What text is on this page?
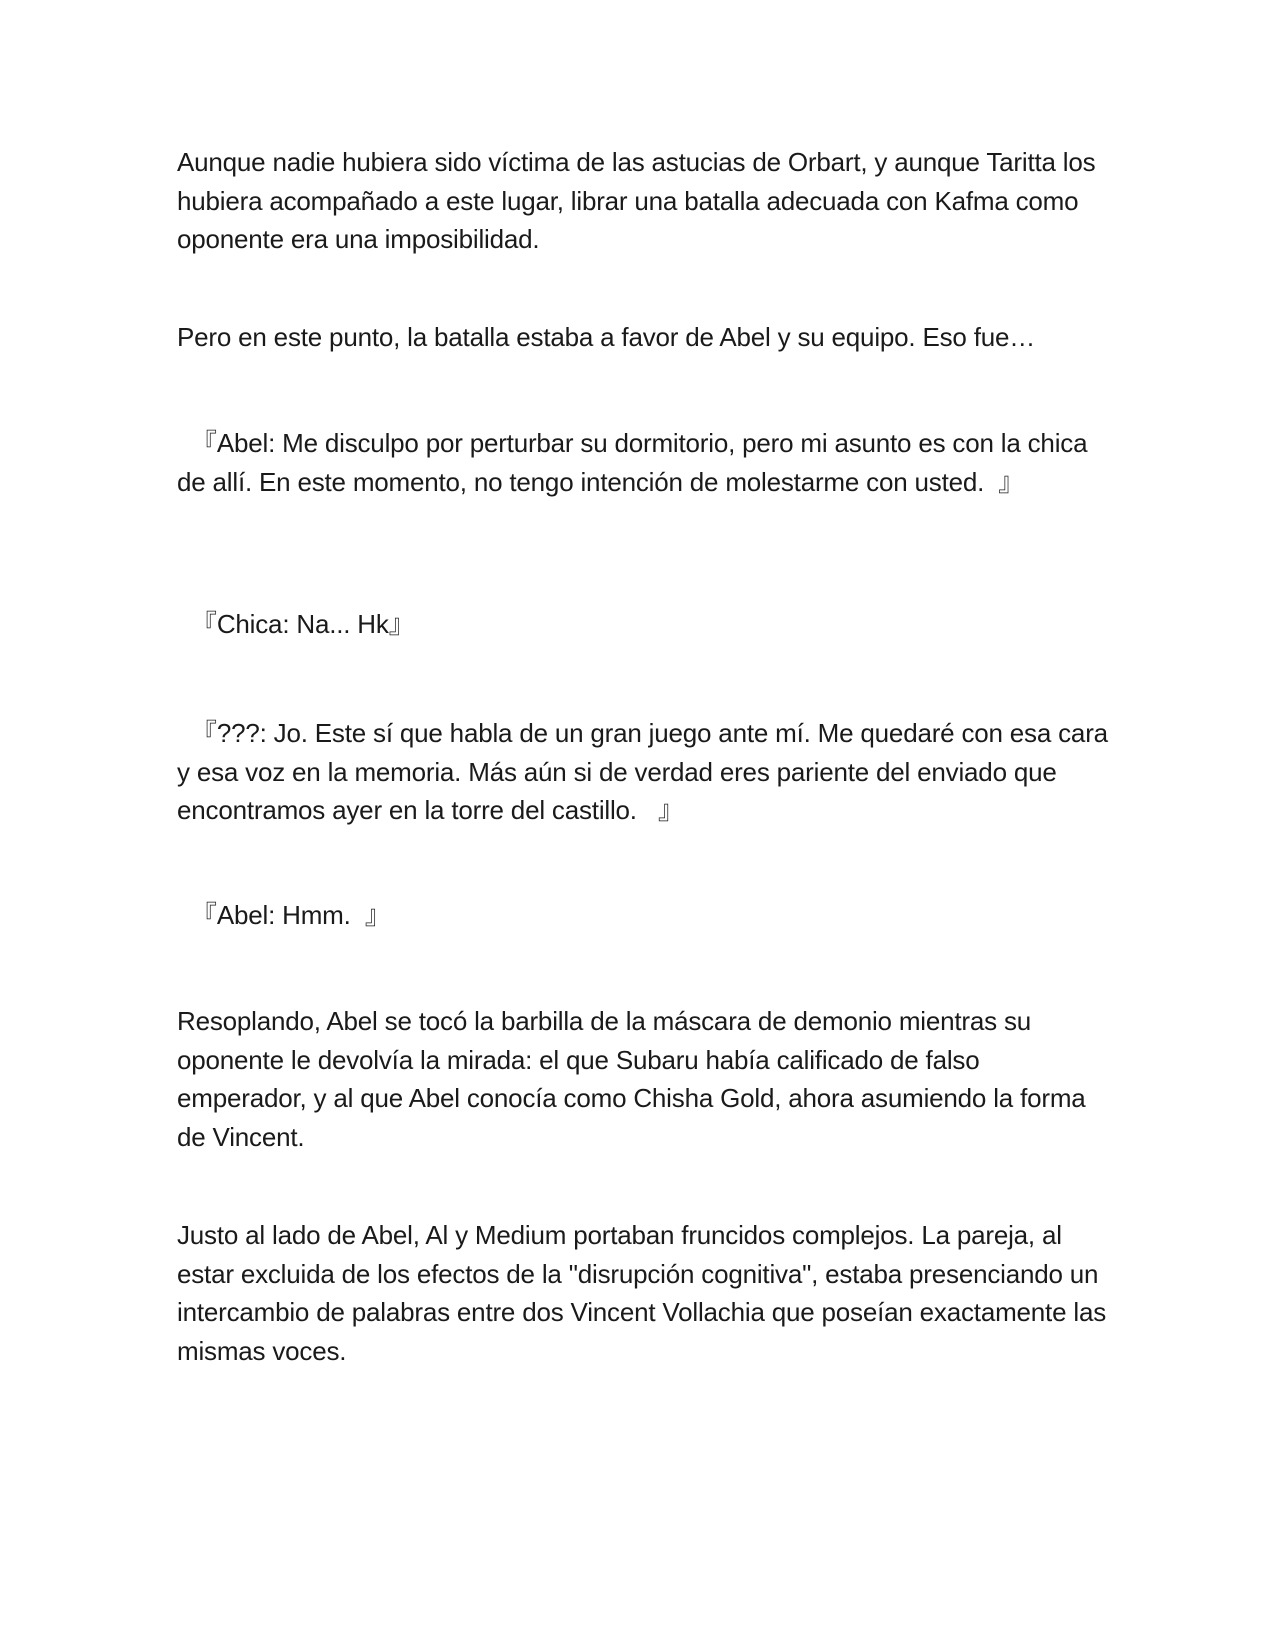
Aunque nadie hubiera sido víctima de las astucias de Orbart, y aunque Taritta los hubiera acompañado a este lugar, librar una batalla adecuada con Kafma como oponente era una imposibilidad.

Pero en este punto, la batalla estaba a favor de Abel y su equipo. Eso fue…

『Abel: Me disculpo por perturbar su dormitorio, pero mi asunto es con la chica de allí. En este momento, no tengo intención de molestarme con usted.  』

『Chica: Na... Hk』

『???: Jo. Este sí que habla de un gran juego ante mí. Me quedaré con esa cara y esa voz en la memoria. Más aún si de verdad eres pariente del enviado que encontramos ayer en la torre del castillo.   』

『Abel: Hmm.  』

Resoplando, Abel se tocó la barbilla de la máscara de demonio mientras su oponente le devolvía la mirada: el que Subaru había calificado de falso emperador, y al que Abel conocía como Chisha Gold, ahora asumiendo la forma de Vincent.

Justo al lado de Abel, Al y Medium portaban fruncidos complejos. La pareja, al estar excluida de los efectos de la "disrupción cognitiva", estaba presenciando un intercambio de palabras entre dos Vincent Vollachia que poseían exactamente las mismas voces.
